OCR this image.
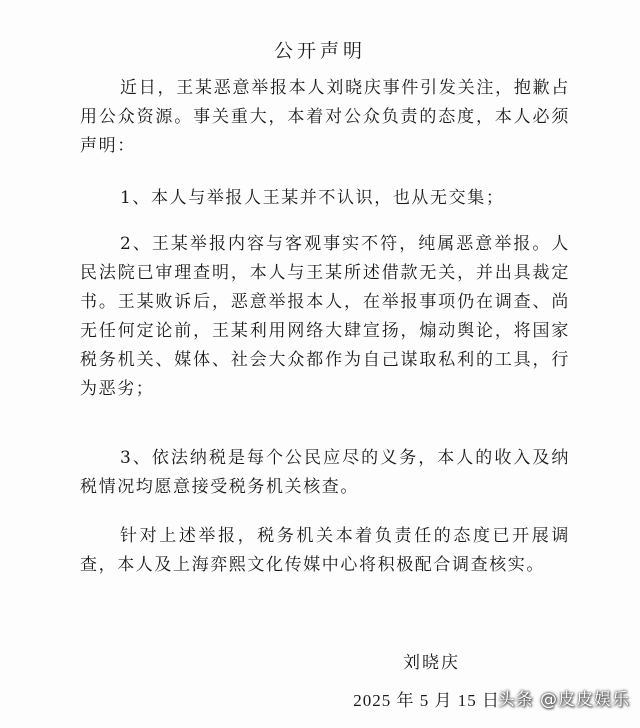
公开声明

近日，王某恶意举报本人刘晓庆事件引发关注，抱歉占用公众资源。事关重大，本着对公众负责的态度，本人必须声明：

1、本人与举报人王某并不认识，也从无交集；

2、王某举报内容与客观事实不符，纯属恶意举报。人民法院已审理查明，本人与王某所述借款无关，并出具裁定书。王某败诉后，恶意举报本人，在举报事项仍在调查、尚无任何定论前，王某利用网络大肆宣扬，煽动舆论，将国家税务机关、媒体、社会大众都作为自己谋取私利的工具，行为恶劣；

3、依法纳税是每个公民应尽的义务，本人的收入及纳税情况均愿意接受税务机关核查。

针对上述举报，税务机关本着负责任的态度已开展调查，本人及上海弈熙文化传媒中心将积极配合调查核实。

刘晓庆
2025 年 5 月 15 日
头条 @皮皮娱乐
